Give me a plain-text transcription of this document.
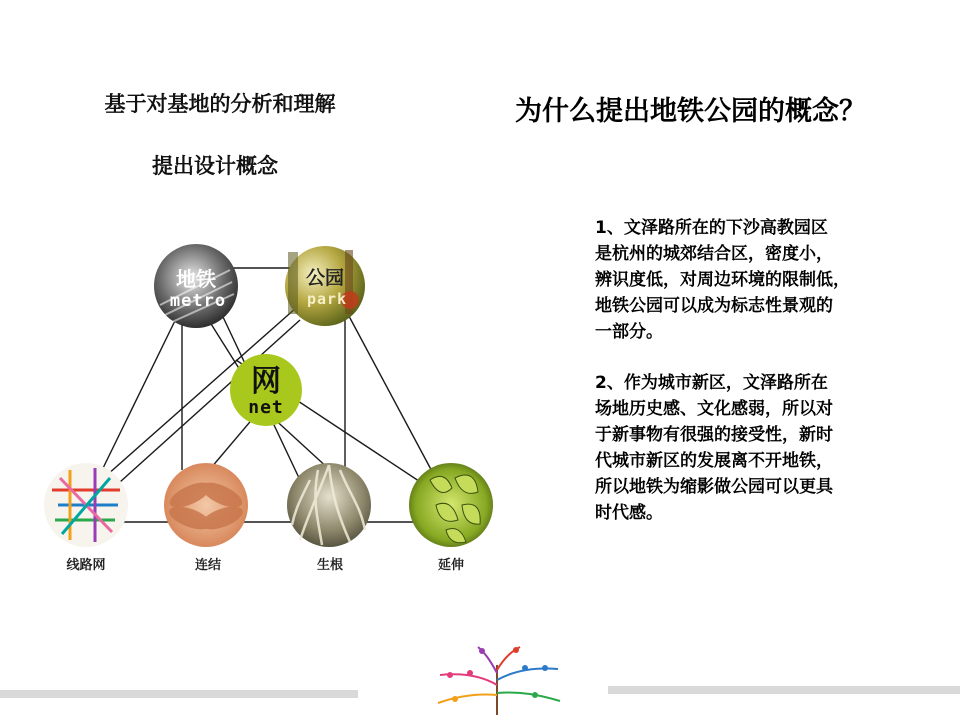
基于对基地的分析和理解
提出设计概念
为什么提出地铁公园的概念？
1、文泽路所在的下沙高教园区
是杭州的城郊结合区，密度小，
辨识度低，对周边环境的限制低，
地铁公园可以成为标志性景观的
一部分。
2、作为城市新区，文泽路所在
场地历史感、文化感弱，所以对
于新事物有很强的接受性，新时
代城市新区的发展离不开地铁，
所以地铁为缩影做公园可以更具
时代感。
地铁
metro
公园
park
网
net
线路网	连结	生根	延伸
